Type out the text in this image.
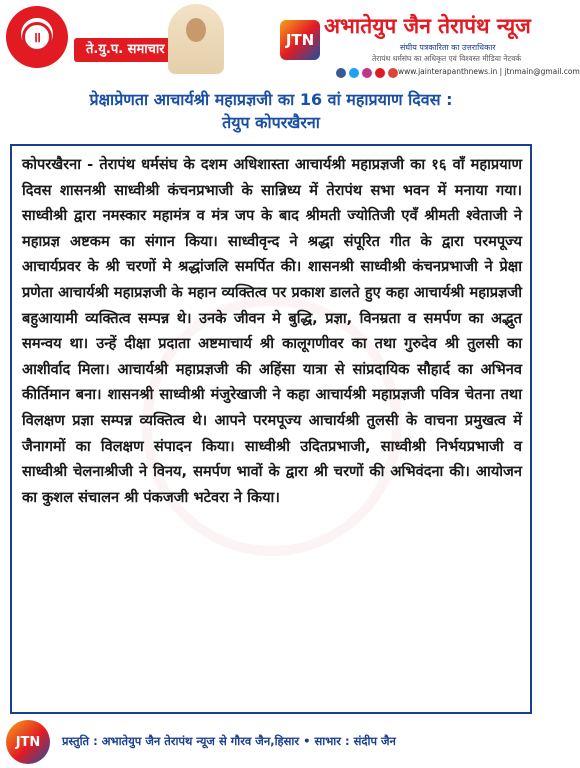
॥
ते.यु.प. समाचार
JTN
अभातेयुप जैन तेरापंथ न्यूज
संघीय पत्रकारिता का उत्तराधिकार
तेरापंथ धर्मसंघ का अधिकृत एवं विश्वस्त मीडिया नेटवर्क
www.jainterapanthnews.in | jtnmain@gmail.com
प्रेक्षाप्रेणता आचार्यश्री महाप्रज्ञजी का 16 वां महाप्रयाण दिवस :
तेयुप कोपरखैरना

कोपरखैरना - तेरापंथ धर्मसंघ के दशम अधिशास्ता आचार्यश्री महाप्रज्ञजी का १६ वाँ महाप्रयाण दिवस शासनश्री साध्वीश्री कंचनप्रभाजी के सान्निध्य में तेरापंथ सभा भवन में मनाया गया। साध्वीश्री द्वारा नमस्कार महामंत्र व मंत्र जप के बाद श्रीमती ज्योतिजी एवँ श्रीमती श्वेताजी ने महाप्रज्ञ अष्टकम का संगान किया। साध्वीवृन्द ने श्रद्धा संपूरित गीत के द्वारा परमपूज्य आचार्यप्रवर के श्री चरणों मे श्रद्धांजलि समर्पित की। शासनश्री साध्वीश्री कंचनप्रभाजी ने प्रेक्षा प्रणेता आचार्यश्री महाप्रज्ञजी के महान व्यक्तित्व पर प्रकाश डालते हुए कहा आचार्यश्री महाप्रज्ञजी बहुआयामी व्यक्तित्व सम्पन्न थे। उनके जीवन मे बुद्धि, प्रज्ञा, विनम्रता व समर्पण का अद्भुत समन्वय था। उन्हें दीक्षा प्रदाता अष्टमाचार्य श्री कालूगणीवर का तथा गुरुदेव श्री तुलसी का आशीर्वाद मिला। आचार्यश्री महाप्रज्ञजी की अहिंसा यात्रा से सांप्रदायिक सौहार्द का अभिनव कीर्तिमान बना। शासनश्री साध्वीश्री मंजुरेखाजी ने कहा आचार्यश्री महाप्रज्ञजी पवित्र चेतना तथा विलक्षण प्रज्ञा सम्पन्न व्यक्तित्व थे। आपने परमपूज्य आचार्यश्री तुलसी के वाचना प्रमुखत्व में जैनागमों का विलक्षण संपादन किया। साध्वीश्री उदितप्रभाजी, साध्वीश्री निर्भयप्रभाजी व साध्वीश्री चेलनाश्रीजी ने विनय, समर्पण भावों के द्वारा श्री चरणों की अभिवंदना की। आयोजन का कुशल संचालन श्री पंकजजी भटेवरा ने किया।

JTN	प्रस्तुति : अभातेयुप जैन तेरापंथ न्यूज से गौरव जैन,हिसार • साभार : संदीप जैन
